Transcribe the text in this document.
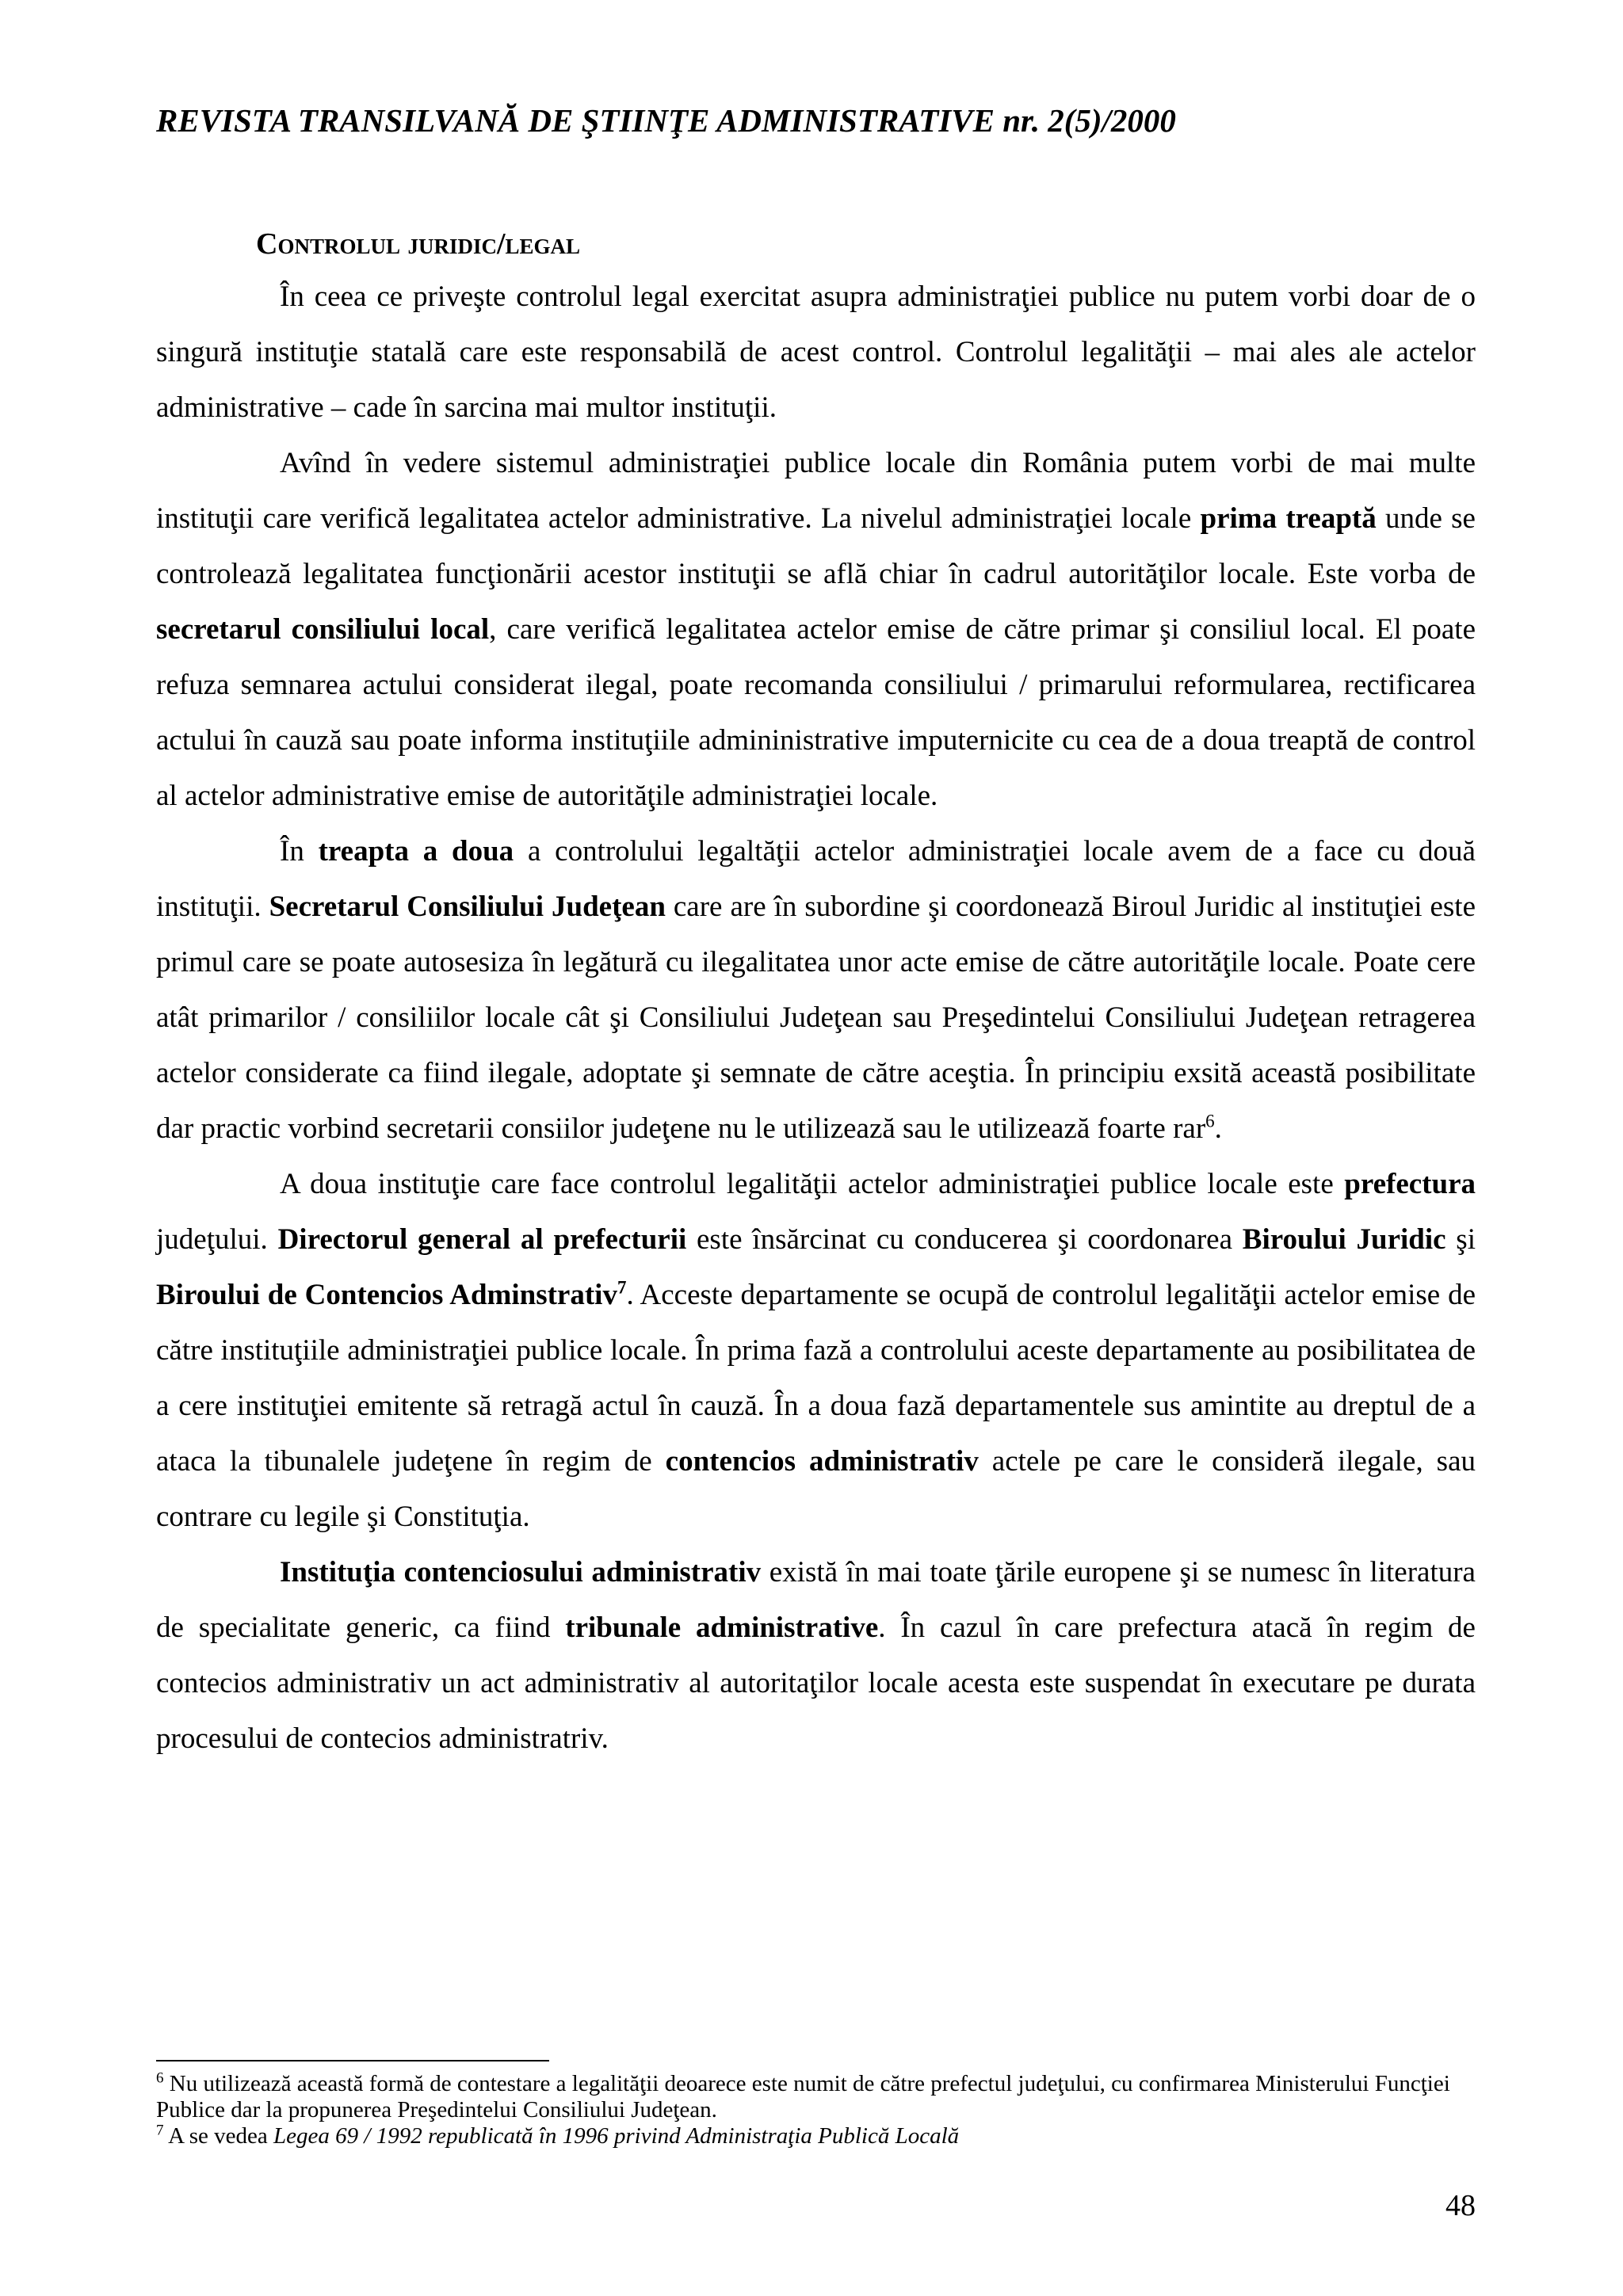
REVISTA TRANSILVANĂ DE ŞTIINŢE ADMINISTRATIVE nr. 2(5)/2000
Controlul juridic/legal

În ceea ce priveşte controlul legal exercitat asupra administraţiei publice nu putem vorbi doar de o singură instituţie statală care este responsabilă de acest control. Controlul legalităţii – mai ales ale actelor administrative – cade în sarcina mai multor instituţii.

Avînd în vedere sistemul administraţiei publice locale din România putem vorbi de mai multe instituţii care verifică legalitatea actelor administrative. La nivelul administraţiei locale prima treaptă unde se controlează legalitatea funcţionării acestor instituţii se află chiar în cadrul autorităţilor locale. Este vorba de secretarul consiliului local, care verifică legalitatea actelor emise de către primar şi consiliul local. El poate refuza semnarea actului considerat ilegal, poate recomanda consiliului / primarului reformularea, rectificarea actului în cauză sau poate informa instituţiile admininistrative imputernicite cu cea de a doua treaptă de control al actelor administrative emise de autorităţile administraţiei locale.

În treapta a doua a controlului legaltăţii actelor administraţiei locale avem de a face cu două instituţii. Secretarul Consiliului Judeţean care are în subordine şi coordonează Biroul Juridic al instituţiei este primul care se poate autosesiza în legătură cu ilegalitatea unor acte emise de către autorităţile locale. Poate cere atât primarilor / consiliilor locale cât şi Consiliului Judeţean sau Preşedintelui Consiliului Judeţean retragerea actelor considerate ca fiind ilegale, adoptate şi semnate de către aceştia. În principiu exsită această posibilitate dar practic vorbind secretarii consiilor judeţene nu le utilizează sau le utilizează foarte rar$^6$.

A doua instituţie care face controlul legalităţii actelor administraţiei publice locale este prefectura judeţului. Directorul general al prefecturii este însărcinat cu conducerea şi coordonarea Biroului Juridic şi Biroului de Contencios Adminstrativ$^7$. Acceste departamente se ocupă de controlul legalităţii actelor emise de către instituţiile administraţiei publice locale. În prima fază a controlului aceste departamente au posibilitatea de a cere instituţiei emitente să retragă actul în cauză. În a doua fază departamentele sus amintite au dreptul de a ataca la tibunalele judeţene în regim de contencios administrativ actele pe care le consideră ilegale, sau contrare cu legile şi Constituţia.

Instituţia contenciosului administrativ există în mai toate ţările europene şi se numesc în literatura de specialitate generic, ca fiind tribunale administrative. În cazul în care prefectura atacă în regim de contecios administrativ un act administrativ al autoritaţilor locale acesta este suspendat în executare pe durata procesului de contecios administratriv.

$^6$ Nu utilizează această formă de contestare a legalităţii deoarece este numit de către prefectul judeţului, cu confirmarea Ministerului Funcţiei Publice dar la propunerea Preşedintelui Consiliului Judeţean.

$^7$ A se vedea Legea 69 / 1992 republicată în 1996 privind Administraţia Publică Locală

48
